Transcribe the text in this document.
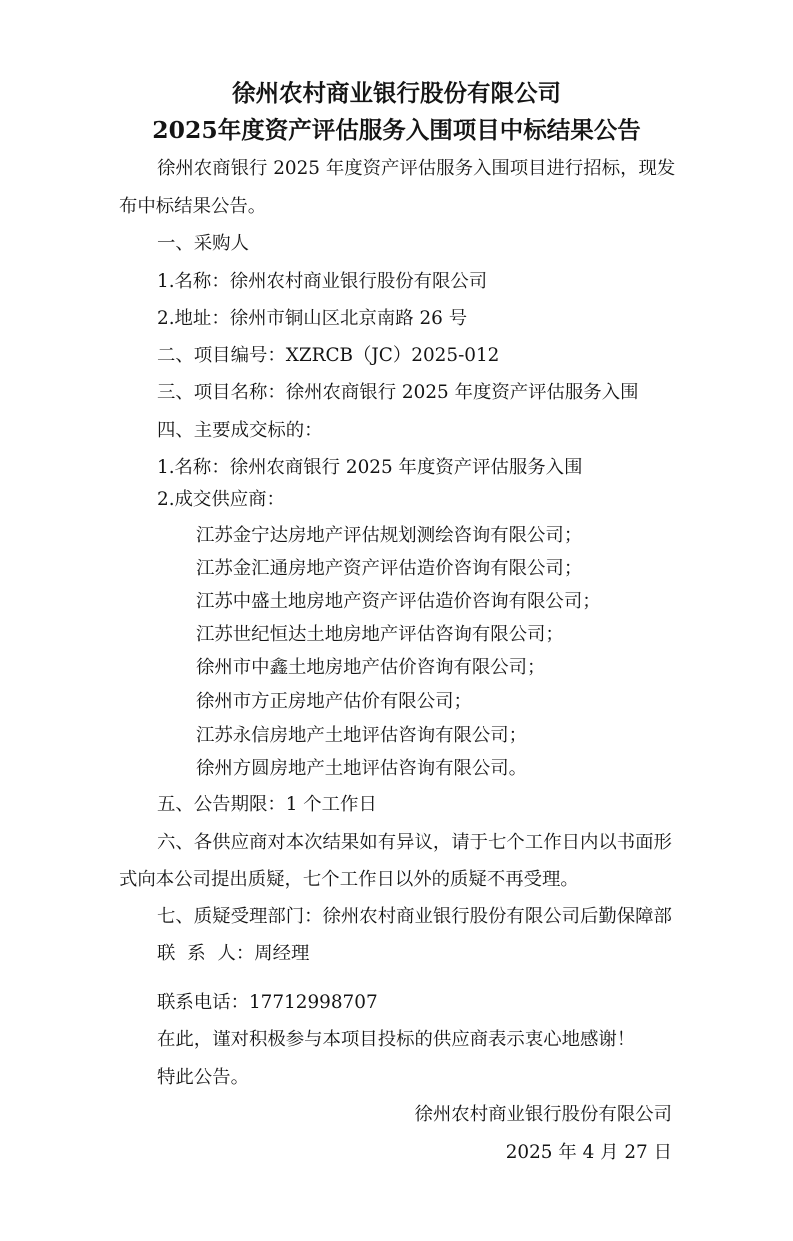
徐州农村商业银行股份有限公司
2025年度资产评估服务入围项目中标结果公告
徐州农商银行 2025 年度资产评估服务入围项目进行招标，现发
布中标结果公告。
一、采购人
1.名称：徐州农村商业银行股份有限公司
2.地址：徐州市铜山区北京南路 26 号
二、项目编号：XZRCB（JC）2025-012
三、项目名称：徐州农商银行 2025 年度资产评估服务入围
四、主要成交标的：
1.名称：徐州农商银行 2025 年度资产评估服务入围
2.成交供应商：
江苏金宁达房地产评估规划测绘咨询有限公司；
江苏金汇通房地产资产评估造价咨询有限公司；
江苏中盛土地房地产资产评估造价咨询有限公司；
江苏世纪恒达土地房地产评估咨询有限公司；
徐州市中鑫土地房地产估价咨询有限公司；
徐州市方正房地产估价有限公司；
江苏永信房地产土地评估咨询有限公司；
徐州方圆房地产土地评估咨询有限公司。
五、公告期限：1 个工作日
六、各供应商对本次结果如有异议，请于七个工作日内以书面形
式向本公司提出质疑，七个工作日以外的质疑不再受理。
七、质疑受理部门：徐州农村商业银行股份有限公司后勤保障部
联 系 人：周经理
联系电话：17712998707
在此，谨对积极参与本项目投标的供应商表示衷心地感谢！
特此公告。
徐州农村商业银行股份有限公司
2025 年 4 月 27 日
